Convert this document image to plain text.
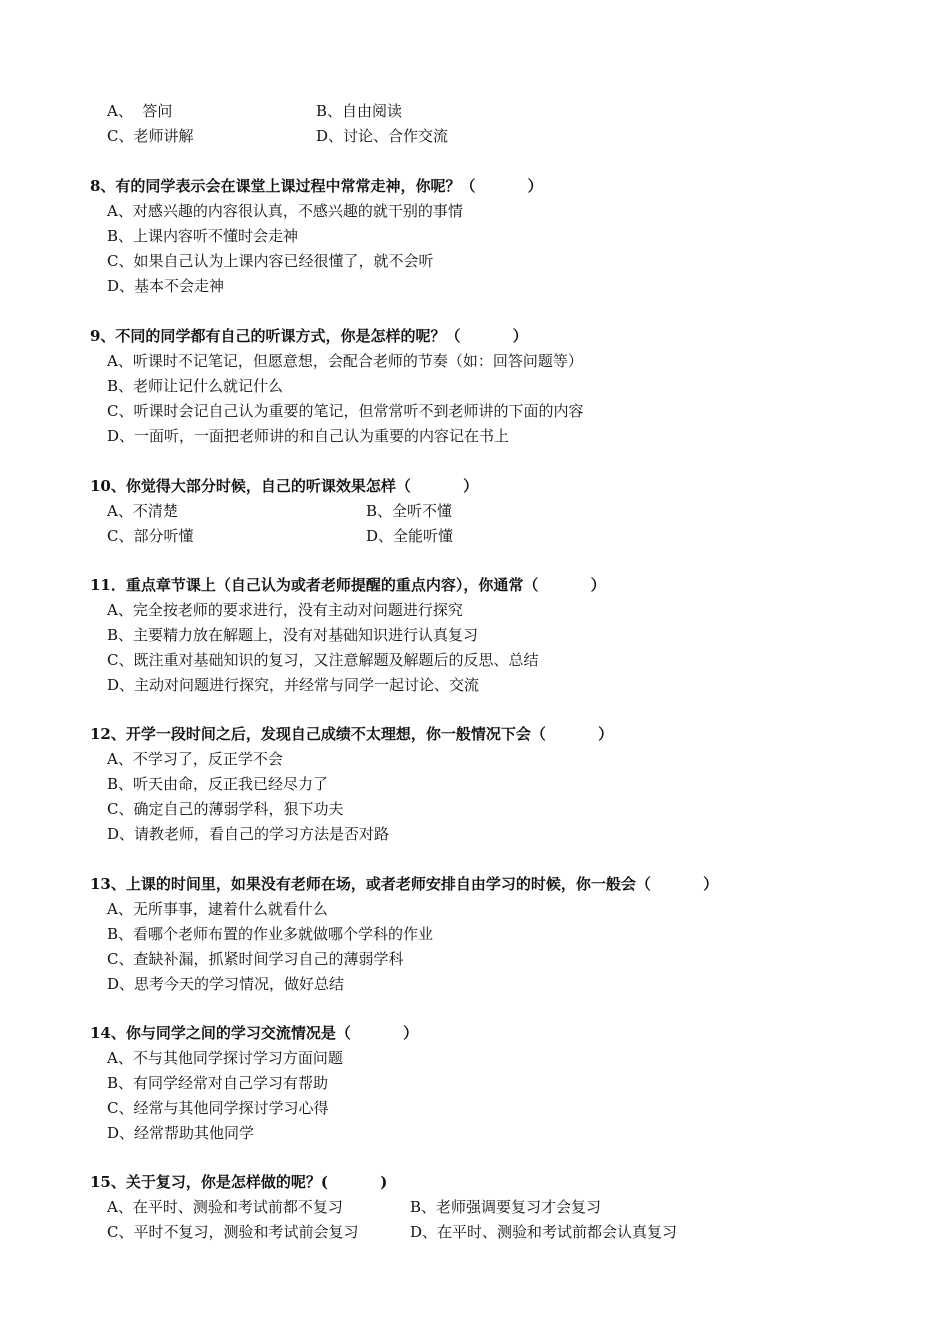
A、  答问	B、自由阅读
C、老师讲解	D、讨论、合作交流
8、有的同学表示会在课堂上课过程中常常走神，你呢？（          ）
A、对感兴趣的内容很认真，不感兴趣的就干别的事情
B、上课内容听不懂时会走神
C、如果自己认为上课内容已经很懂了，就不会听
D、基本不会走神
9、不同的同学都有自己的听课方式，你是怎样的呢？（          ）
A、听课时不记笔记，但愿意想，会配合老师的节奏（如：回答问题等）
B、老师让记什么就记什么
C、听课时会记自己认为重要的笔记，但常常听不到老师讲的下面的内容
D、一面听，一面把老师讲的和自己认为重要的内容记在书上
10、你觉得大部分时候，自己的听课效果怎样（          ）
A、不清楚	B、全听不懂
C、部分听懂	D、全能听懂
11．重点章节课上（自己认为或者老师提醒的重点内容），你通常（          ）
A、完全按老师的要求进行，没有主动对问题进行探究
B、主要精力放在解题上，没有对基础知识进行认真复习
C、既注重对基础知识的复习，又注意解题及解题后的反思、总结
D、主动对问题进行探究，并经常与同学一起讨论、交流
12、开学一段时间之后，发现自己成绩不太理想，你一般情况下会（          ）
A、不学习了，反正学不会
B、听天由命，反正我已经尽力了
C、确定自己的薄弱学科，狠下功夫
D、请教老师，看自己的学习方法是否对路
13、上课的时间里，如果没有老师在场，或者老师安排自由学习的时候，你一般会（          ）
A、无所事事，逮着什么就看什么
B、看哪个老师布置的作业多就做哪个学科的作业
C、查缺补漏，抓紧时间学习自己的薄弱学科
D、思考今天的学习情况，做好总结
14、你与同学之间的学习交流情况是（          ）
A、不与其他同学探讨学习方面问题
B、有同学经常对自己学习有帮助
C、经常与其他同学探讨学习心得
D、经常帮助其他同学
15、关于复习，你是怎样做的呢？(          )
A、在平时、测验和考试前都不复习	B、老师强调要复习才会复习
C、平时不复习，测验和考试前会复习	D、在平时、测验和考试前都会认真复习
